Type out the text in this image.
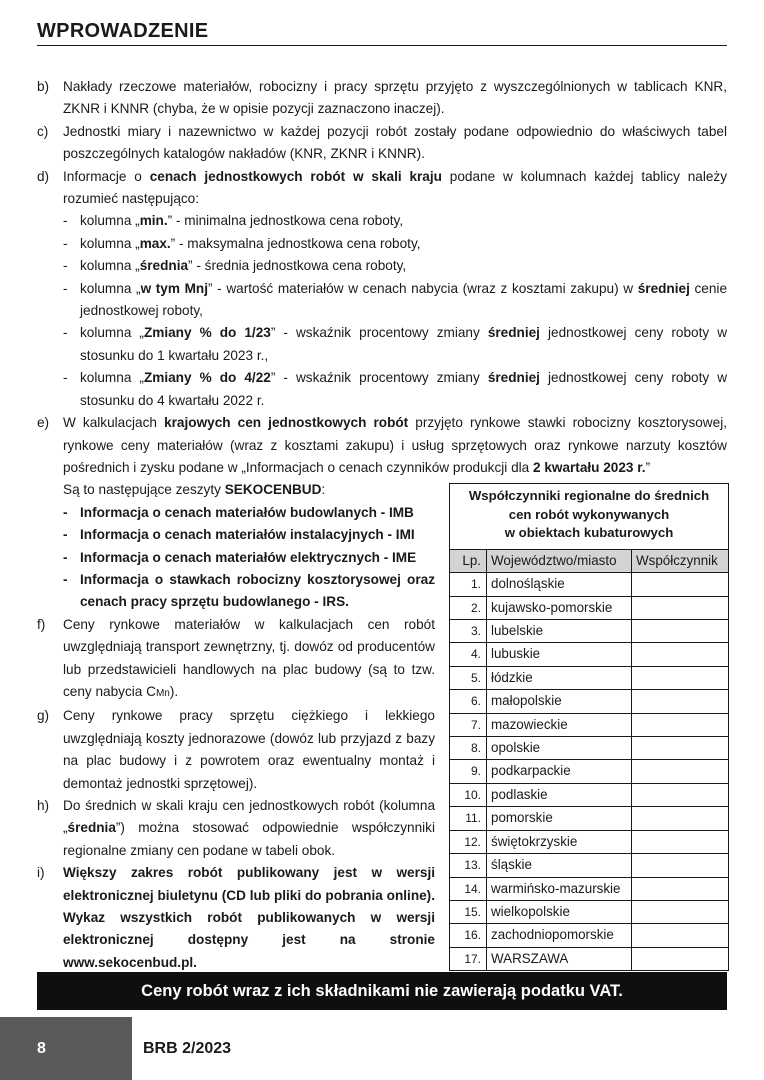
WPROWADZENIE
b)	Nakłady rzeczowe materiałów, robocizny i pracy sprzętu przyjęto z wyszczególnionych w tablicach KNR, ZKNR i KNNR (chyba, że w opisie pozycji zaznaczono inaczej).
c)	Jednostki miary i nazewnictwo w każdej pozycji robót zostały podane odpowiednio do właściwych tabel poszczególnych katalogów nakładów (KNR, ZKNR i KNNR).
d)	Informacje o cenach jednostkowych robót w skali kraju podane w kolumnach każdej tablicy należy rozumieć następująco:
- kolumna „min.” - minimalna jednostkowa cena roboty,
- kolumna „max.” - maksymalna jednostkowa cena roboty,
- kolumna „średnia” - średnia jednostkowa cena roboty,
- kolumna „w tym Mnj” - wartość materiałów w cenach nabycia (wraz z kosztami zakupu) w średniej cenie jednostkowej roboty,
- kolumna „Zmiany % do 1/23” - wskaźnik procentowy zmiany średniej jednostkowej ceny roboty w stosunku do 1 kwartału 2023 r.,
- kolumna „Zmiany % do 4/22” - wskaźnik procentowy zmiany średniej jednostkowej ceny roboty w stosunku do 4 kwartału 2022 r.
e)	W kalkulacjach krajowych cen jednostkowych robót przyjęto rynkowe stawki robocizny kosztorysowej, rynkowe ceny materiałów (wraz z kosztami zakupu) i usług sprzętowych oraz rynkowe narzuty kosztów pośrednich i zysku podane w „Informacjach o cenach czynników produkcji dla 2 kwartału 2023 r.”
Są to następujące zeszyty SEKOCENBUD:
- Informacja o cenach materiałów budowlanych - IMB
- Informacja o cenach materiałów instalacyjnych - IMI
- Informacja o cenach materiałów elektrycznych - IME
- Informacja o stawkach robocizny kosztorysowej oraz cenach pracy sprzętu budowlanego - IRS.
f)	Ceny rynkowe materiałów w kalkulacjach cen robót uwzględniają transport zewnętrzny, tj. dowóz od producentów lub przedstawicieli handlowych na plac budowy (są to tzw. ceny nabycia CMn).
g)	Ceny rynkowe pracy sprzętu ciężkiego i lekkiego uwzględniają koszty jednorazowe (dowóz lub przyjazd z bazy na plac budowy i z powrotem oraz ewentualny montaż i demontaż jednostki sprzętowej).
h)	Do średnich w skali kraju cen jednostkowych robót (kolumna „średnia”) można stosować odpowiednie współczynniki regionalne zmiany cen podane w tabeli obok.
i)	Większy zakres robót publikowany jest w wersji elektronicznej biuletynu (CD lub pliki do pobrania online). Wykaz wszystkich robót publikowanych w wersji elektronicznej dostępny jest na stronie www.sekocenbud.pl.
Współczynniki regionalne do średnich
cen robót wykonywanych
w obiektach kubaturowych
Lp.	Województwo/miasto	Współczynnik
1.	dolnośląskie	
2.	kujawsko-pomorskie	
3.	lubelskie	
4.	lubuskie	
5.	łódzkie	
6.	małopolskie	
7.	mazowieckie	
8.	opolskie	
9.	podkarpackie	
10.	podlaskie	
11.	pomorskie	
12.	świętokrzyskie	
13.	śląskie	
14.	warmińsko-mazurskie	
15.	wielkopolskie	
16.	zachodniopomorskie	
17.	WARSZAWA	
Ceny robót wraz z ich składnikami nie zawierają podatku VAT.
8	BRB 2/2023
